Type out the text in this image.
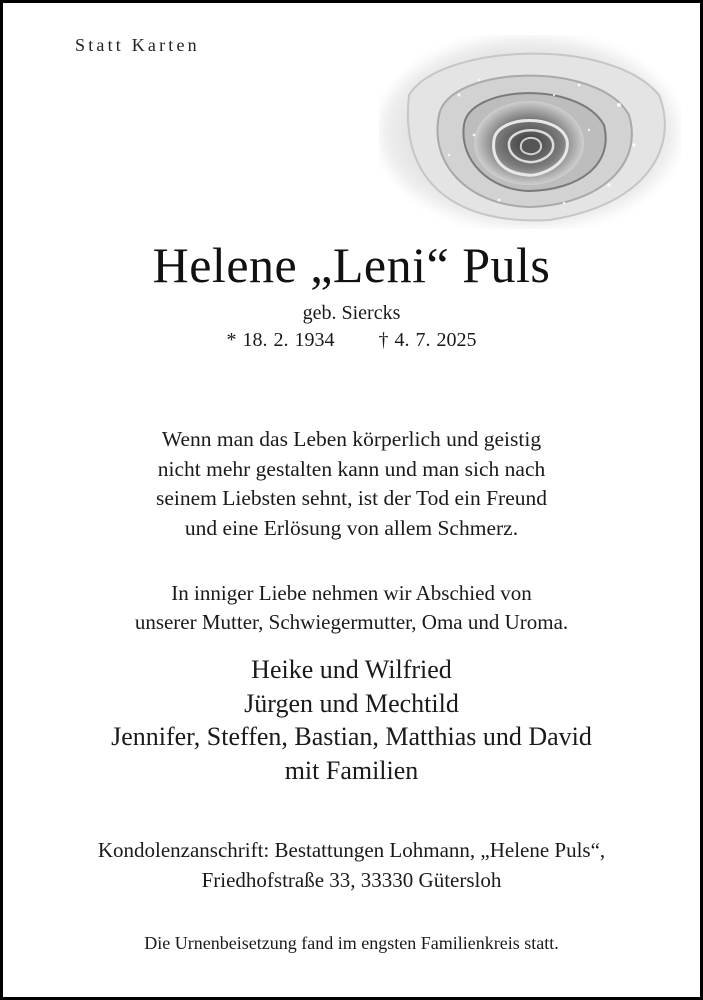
Statt Karten
Helene „Leni“ Puls
geb. Siercks
* 18. 2. 1934 † 4. 7. 2025
Wenn man das Leben körperlich und geistig
nicht mehr gestalten kann und man sich nach
seinem Liebsten sehnt, ist der Tod ein Freund
und eine Erlösung von allem Schmerz.
In inniger Liebe nehmen wir Abschied von
unserer Mutter, Schwiegermutter, Oma und Uroma.
Heike und Wilfried
Jürgen und Mechtild
Jennifer, Steffen, Bastian, Matthias und David
mit Familien
Kondolenzanschrift: Bestattungen Lohmann, „Helene Puls“,
Friedhofstraße 33, 33330 Gütersloh
Die Urnenbeisetzung fand im engsten Familienkreis statt.
